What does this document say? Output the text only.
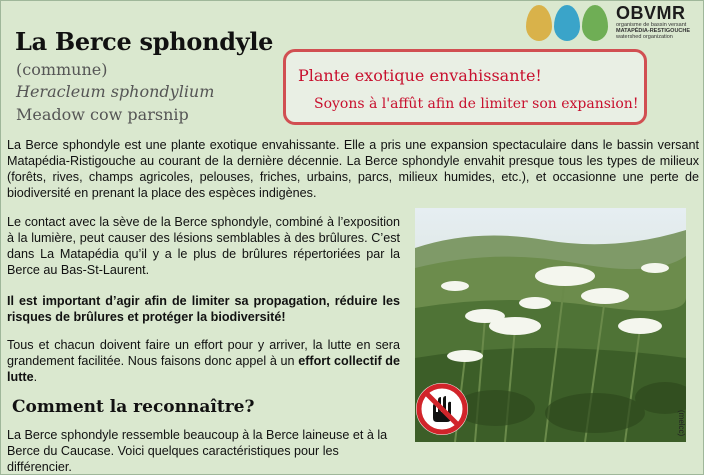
La Berce sphondyle
(commune)
Heracleum sphondylium
Meadow cow parsnip
Plante exotique envahissante!
Soyons à l'affût afin de limiter son expansion!
OBVMR
organisme de bassin versant
MATAPÉDIA-RESTIGOUCHE
watershed organization
La Berce sphondyle est une plante exotique envahissante. Elle a pris une expansion spectaculaire dans le bassin versant Matapédia-Ristigouche au courant de la dernière décennie. La Berce sphondyle envahit presque tous les types de milieux (forêts, rives, champs agricoles, pelouses, friches, urbains, parcs, milieux humides, etc.), et occasionne une perte de biodiversité en prenant la place des espèces indigènes.
Le contact avec la sève de la Berce sphondyle, combiné à l’exposition à la lumière, peut causer des lésions semblables à des brûlures. C’est dans La Matapédia qu’il y a le plus de brûlures répertoriées par la Berce au Bas-St-Laurent.
Il est important d’agir afin de limiter sa propagation, réduire les risques de brûlures et protéger la biodiversité!
Tous et chacun doivent faire un effort pour y arriver, la lutte en sera grandement facilitée. Nous faisons donc appel à un effort collectif de lutte.
Comment la reconnaître?
La Berce sphondyle ressemble beaucoup à la Berce laineuse et à la Berce du Caucase. Voici quelques caractéristiques pour les différencier.
(melcc)
